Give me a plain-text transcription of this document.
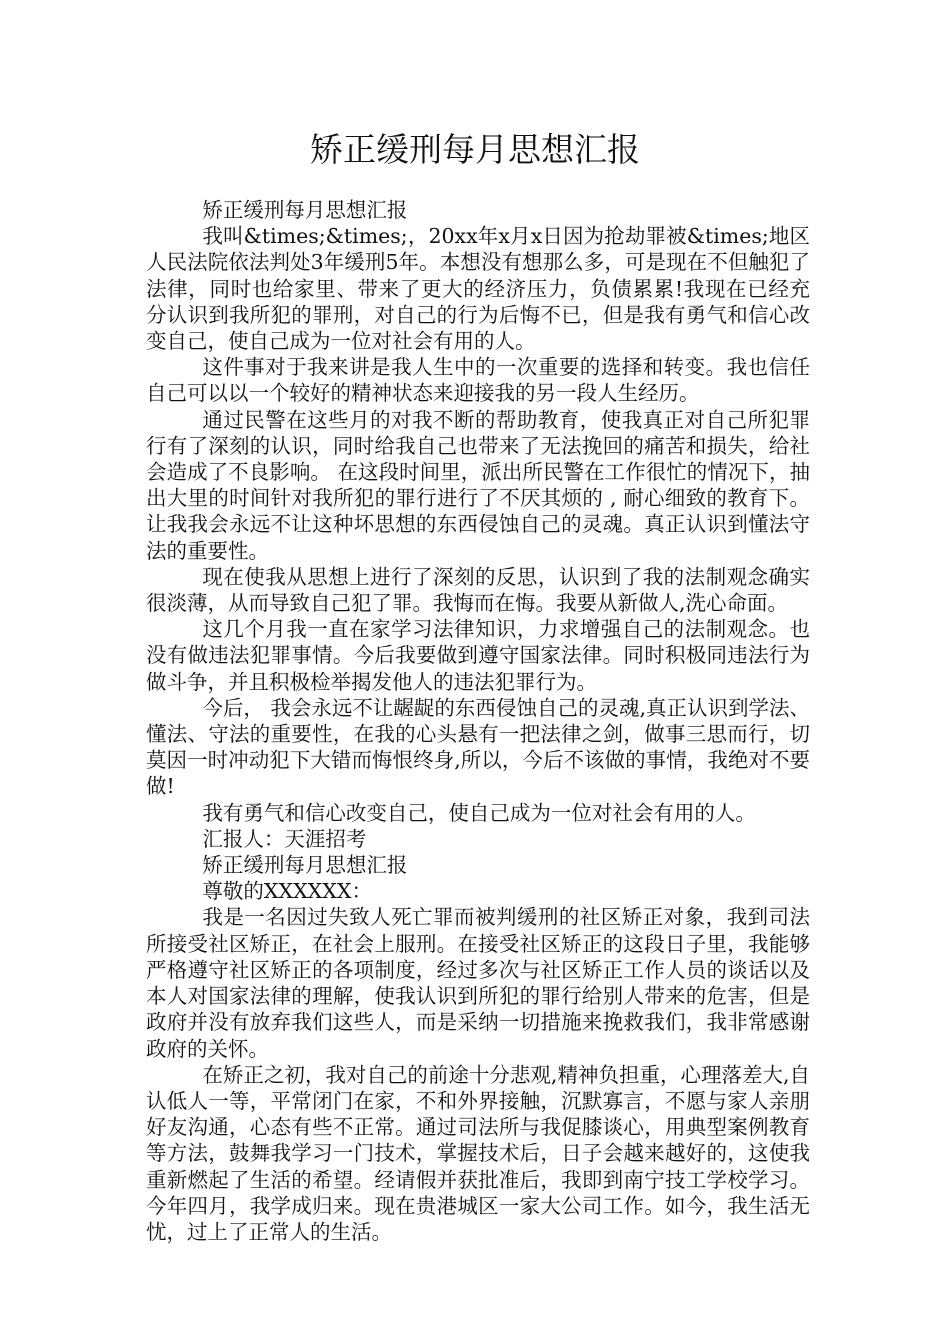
矫正缓刑每月思想汇报

矫正缓刑每月思想汇报

我叫&times;&times;，20xx年x月x日因为抢劫罪被&times;地区人民法院依法判处3年缓刑5年。本想没有想那么多，可是现在不但触犯了法律，同时也给家里、带来了更大的经济压力，负债累累!我现在已经充分认识到我所犯的罪刑，对自己的行为后悔不已，但是我有勇气和信心改变自己，使自己成为一位对社会有用的人。

这件事对于我来讲是我人生中的一次重要的选择和转变。我也信任自己可以以一个较好的精神状态来迎接我的另一段人生经历。

通过民警在这些月的对我不断的帮助教育，使我真正对自己所犯罪行有了深刻的认识，同时给我自己也带来了无法挽回的痛苦和损失，给社会造成了不良影响。 在这段时间里，派出所民警在工作很忙的情况下，抽出大里的时间针对我所犯的罪行进行了不厌其烦的 , 耐心细致的教育下。 让我我会永远不让这种坏思想的东西侵蚀自己的灵魂。真正认识到懂法守法的重要性。

现在使我从思想上进行了深刻的反思，认识到了我的法制观念确实很淡薄，从而导致自己犯了罪。我悔而在悔。我要从新做人,洗心命面。

这几个月我一直在家学习法律知识，力求增强自己的法制观念。也没有做违法犯罪事情。今后我要做到遵守国家法律。同时积极同违法行为做斗争，并且积极检举揭发他人的违法犯罪行为。

今后， 我会永远不让龌龊的东西侵蚀自己的灵魂,真正认识到学法、懂法、守法的重要性，在我的心头悬有一把法律之剑，做事三思而行，切莫因一时冲动犯下大错而悔恨终身,所以，今后不该做的事情，我绝对不要做!

我有勇气和信心改变自己，使自己成为一位对社会有用的人。

汇报人：天涯招考

矫正缓刑每月思想汇报

尊敬的XXXXXX：

我是一名因过失致人死亡罪而被判缓刑的社区矫正对象，我到司法所接受社区矫正，在社会上服刑。在接受社区矫正的这段日子里，我能够严格遵守社区矫正的各项制度，经过多次与社区矫正工作人员的谈话以及本人对国家法律的理解，使我认识到所犯的罪行给别人带来的危害，但是政府并没有放弃我们这些人，而是采纳一切措施来挽救我们，我非常感谢政府的关怀。

在矫正之初，我对自己的前途十分悲观,精神负担重，心理落差大,自认低人一等，平常闭门在家，不和外界接触，沉默寡言，不愿与家人亲朋好友沟通，心态有些不正常。通过司法所与我促膝谈心，用典型案例教育等方法，鼓舞我学习一门技术，掌握技术后，日子会越来越好的，这使我重新燃起了生活的希望。经请假并获批准后，我即到南宁技工学校学习。今年四月，我学成归来。现在贵港城区一家大公司工作。如今，我生活无忧，过上了正常人的生活。
